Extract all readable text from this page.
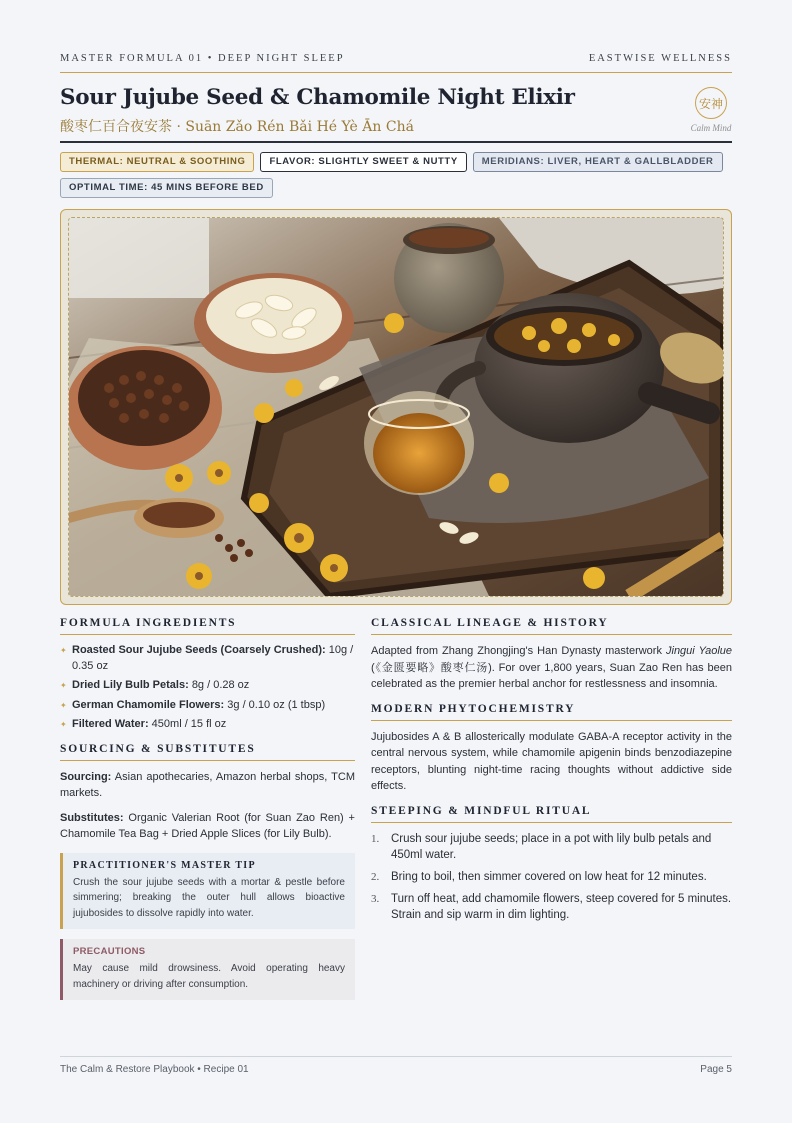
MASTER FORMULA 01 • DEEP NIGHT SLEEP	EASTWISE WELLNESS
Sour Jujube Seed & Chamomile Night Elixir
酸枣仁百合夜安茶 · Suān Zǎo Rén Bǎi Hé Yè Ān Chá
安神
Calm Mind
THERMAL: NEUTRAL & SOOTHING	FLAVOR: SLIGHTLY SWEET & NUTTY	MERIDIANS: LIVER, HEART & GALLBLADDER
OPTIMAL TIME: 45 MINS BEFORE BED
FORMULA INGREDIENTS
✦ Roasted Sour Jujube Seeds (Coarsely Crushed): 10g / 0.35 oz
✦ Dried Lily Bulb Petals: 8g / 0.28 oz
✦ German Chamomile Flowers: 3g / 0.10 oz (1 tbsp)
✦ Filtered Water: 450ml / 15 fl oz
SOURCING & SUBSTITUTES

Sourcing: Asian apothecaries, Amazon herbal shops, TCM markets.

Substitutes: Organic Valerian Root (for Suan Zao Ren) + Chamomile Tea Bag + Dried Apple Slices (for Lily Bulb).

PRACTITIONER'S MASTER TIP
Crush the sour jujube seeds with a mortar & pestle before simmering; breaking the outer hull allows bioactive jujubosides to dissolve rapidly into water.
PRECAUTIONS
May cause mild drowsiness. Avoid operating heavy machinery or driving after consumption.
CLASSICAL LINEAGE & HISTORY

Adapted from Zhang Zhongjing's Han Dynasty masterwork Jingui Yaolue (《金匮要略》酸枣仁汤). For over 1,800 years, Suan Zao Ren has been celebrated as the premier herbal anchor for restlessness and insomnia.

MODERN PHYTOCHEMISTRY

Jujubosides A & B allosterically modulate GABA-A receptor activity in the central nervous system, while chamomile apigenin binds benzodiazepine receptors, blunting night-time racing thoughts without addictive side effects.

STEEPING & MINDFUL RITUAL
1.	Crush sour jujube seeds; place in a pot with lily bulb petals and 450ml water.
2.	Bring to boil, then simmer covered on low heat for 12 minutes.
3.	Turn off heat, add chamomile flowers, steep covered for 5 minutes. Strain and sip warm in dim lighting.
The Calm & Restore Playbook • Recipe 01	Page 5
